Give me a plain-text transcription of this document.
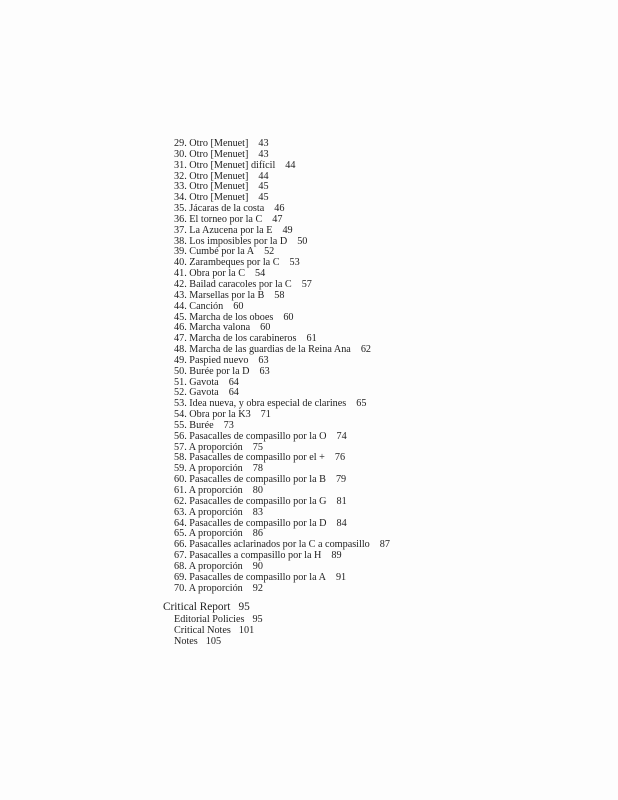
29. Otro [Menuet] 43
30. Otro [Menuet] 43
31. Otro [Menuet] difícil 44
32. Otro [Menuet] 44
33. Otro [Menuet] 45
34. Otro [Menuet] 45
35. Jácaras de la costa 46
36. El torneo por la C 47
37. La Azucena por la E 49
38. Los imposibles por la D 50
39. Cumbé por la A 52
40. Zarambeques por la C 53
41. Obra por la C 54
42. Bailad caracoles por la C 57
43. Marsellas por la B 58
44. Canción 60
45. Marcha de los oboes 60
46. Marcha valona 60
47. Marcha de los carabineros 61
48. Marcha de las guardias de la Reina Ana 62
49. Paspied nuevo 63
50. Burée por la D 63
51. Gavota 64
52. Gavota 64
53. Idea nueva, y obra especial de clarines 65
54. Obra por la K3 71
55. Burée 73
56. Pasacalles de compasillo por la O 74
57. A proporción 75
58. Pasacalles de compasillo por el + 76
59. A proporción 78
60. Pasacalles de compasillo por la B 79
61. A proporción 80
62. Pasacalles de compasillo por la G 81
63. A proporción 83
64. Pasacalles de compasillo por la D 84
65. A proporción 86
66. Pasacalles aclarinados por la C a compasillo 87
67. Pasacalles a compasillo por la H 89
68. A proporción 90
69. Pasacalles de compasillo por la A 91
70. A proporción 92
Critical Report 95
Editorial Policies 95
Critical Notes 101
Notes 105
